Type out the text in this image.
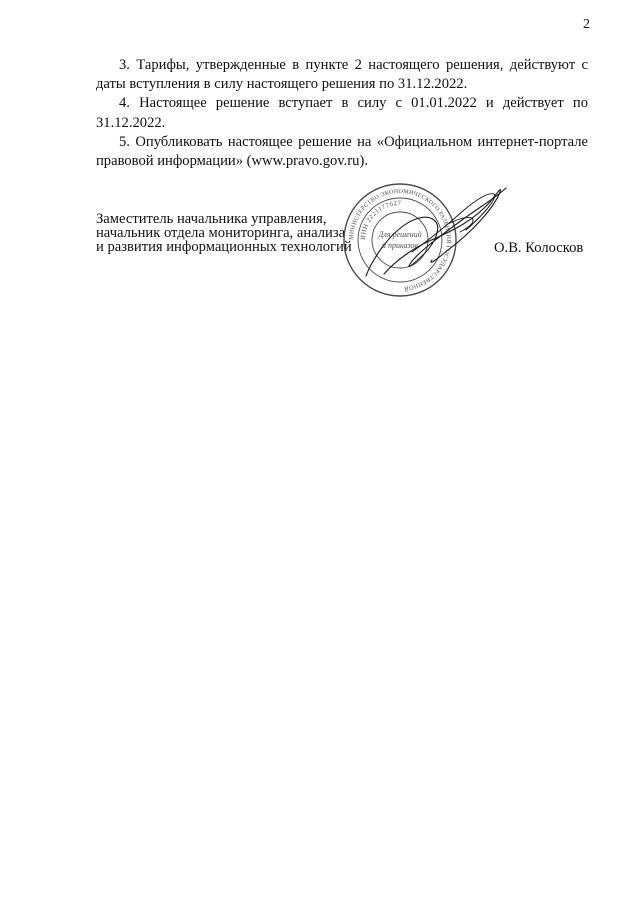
2

3. Тарифы, утвержденные в пункте 2 настоящего решения, действуют с даты вступления в силу настоящего решения по 31.12.2022.

4. Настоящее решение вступает в силу с 01.01.2022 и действует по 31.12.2022.

5. Опубликовать настоящее решение на «Официальном интернет-портале правовой информации» (www.pravo.gov.ru).

Заместитель начальника управления,
начальник отдела мониторинга, анализа
и развития информационных технологий	О.В. Колосков
МИНИСТЕРСТВО ЭКОНОМИЧЕСКОГО РАЗВИТИЯ ГОСУДАРСТВЕННОЙ
ИНН 2221177627
Для решений
и приказов
